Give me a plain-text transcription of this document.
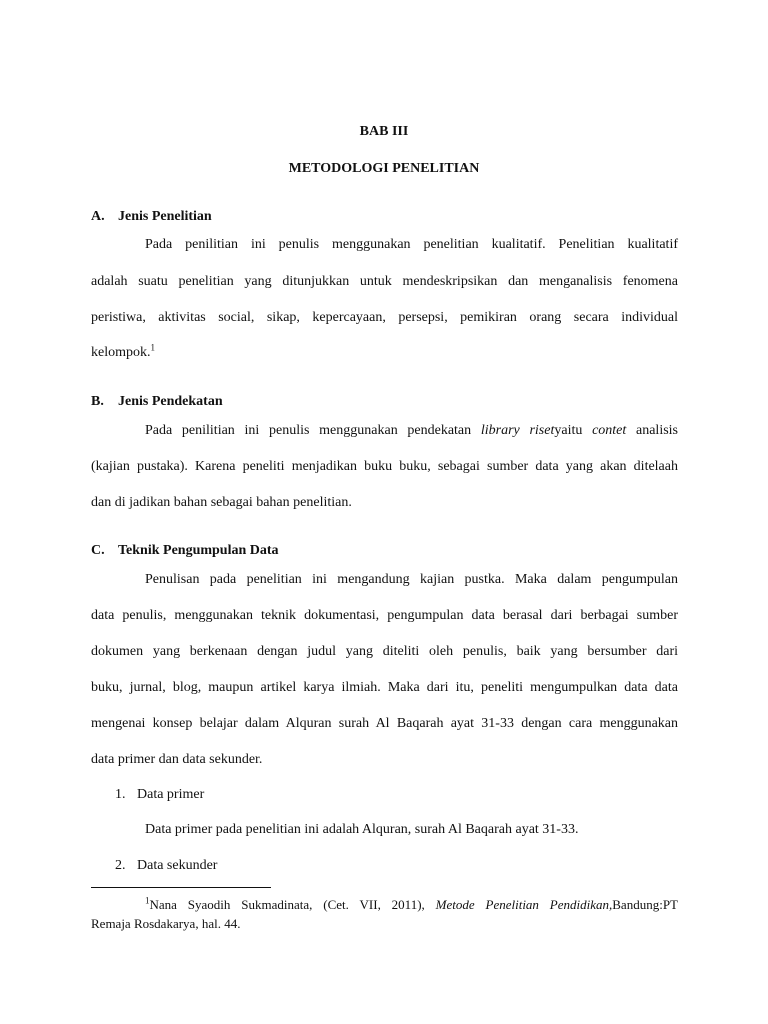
BAB III
METODOLOGI PENELITIAN
A. Jenis Penelitian
Pada penilitian ini penulis menggunakan penelitian kualitatif. Penelitian kualitatif
adalah suatu penelitian yang ditunjukkan untuk mendeskripsikan dan menganalisis fenomena
peristiwa, aktivitas social, sikap, kepercayaan, persepsi, pemikiran orang secara individual
kelompok.$^1$
B. Jenis Pendekatan
Pada penilitian ini penulis menggunakan pendekatan library risetyaitu contet analisis
(kajian pustaka). Karena peneliti menjadikan buku buku, sebagai sumber data yang akan ditelaah
dan di jadikan bahan sebagai bahan penelitian.
C. Teknik Pengumpulan Data
Penulisan pada penelitian ini mengandung kajian pustka. Maka dalam pengumpulan
data penulis, menggunakan teknik dokumentasi, pengumpulan data berasal dari berbagai sumber
dokumen yang berkenaan dengan judul yang diteliti oleh penulis, baik yang bersumber dari
buku, jurnal, blog, maupun artikel karya ilmiah. Maka dari itu, peneliti mengumpulkan data data
mengenai konsep belajar dalam Alquran surah Al Baqarah ayat 31-33 dengan cara menggunakan
data primer dan data sekunder.
1. Data primer
Data primer pada penelitian ini adalah Alquran, surah Al Baqarah ayat 31-33.
2. Data sekunder
$^1$Nana Syaodih Sukmadinata, (Cet. VII, 2011), Metode Penelitian Pendidikan,Bandung:PT
Remaja Rosdakarya, hal. 44.
